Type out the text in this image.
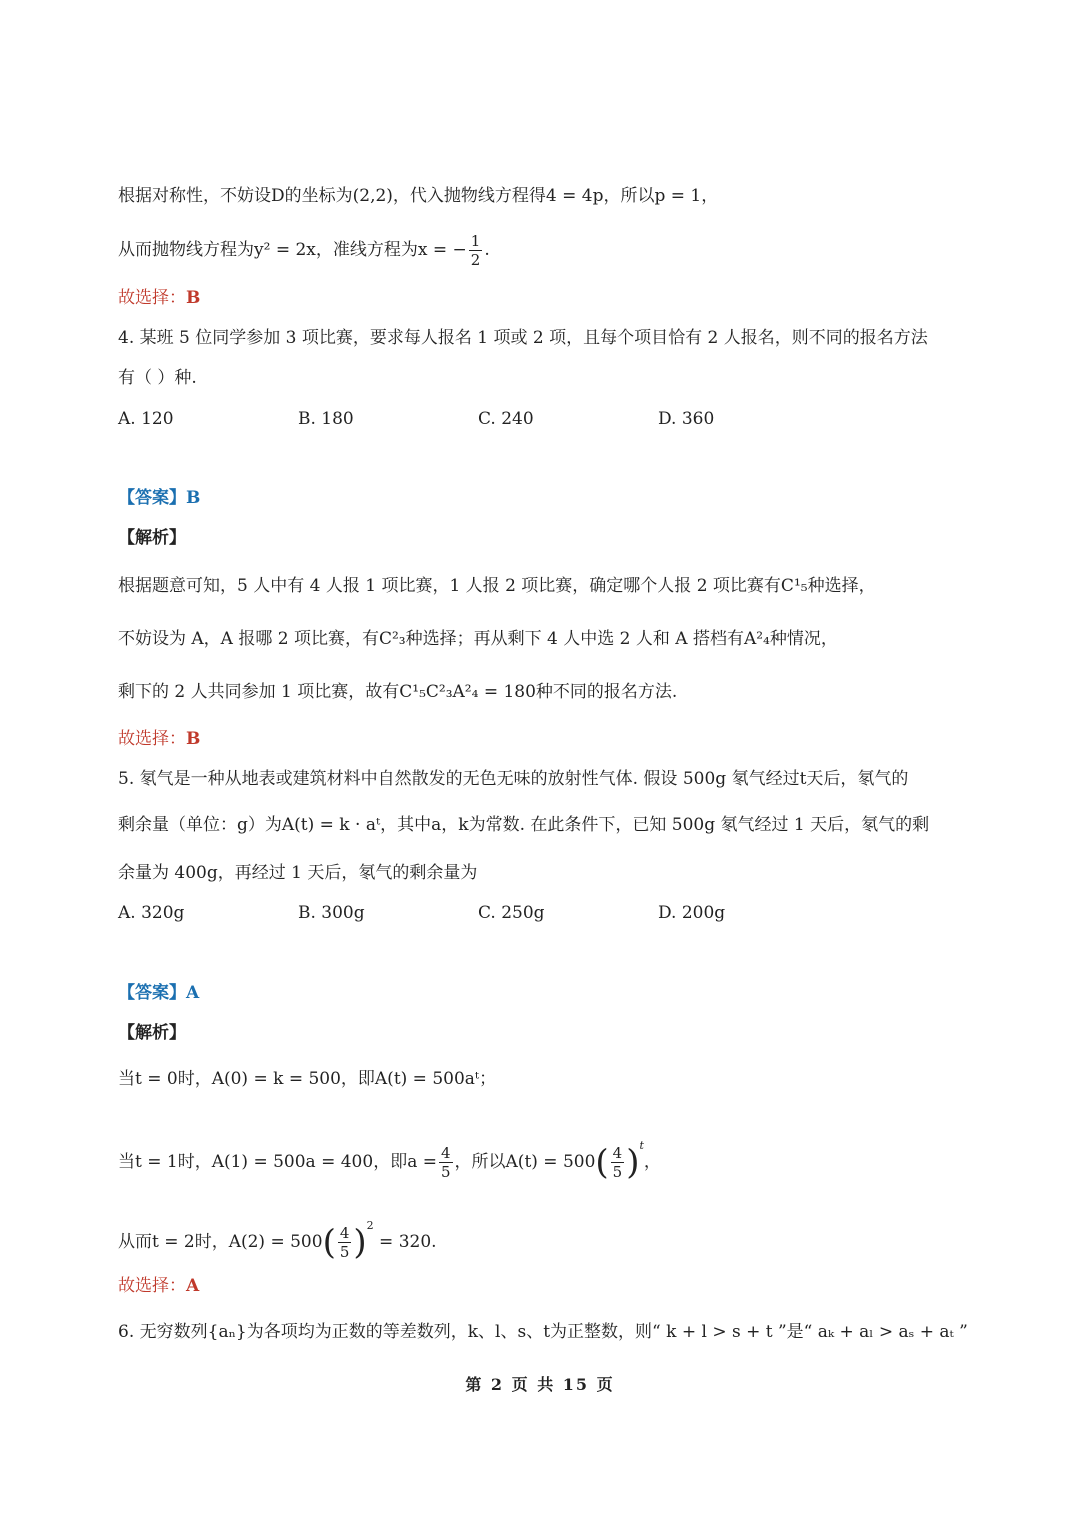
根据对称性，不妨设D的坐标为(2,2)，代入抛物线方程得4 = 4p，所以p = 1，
从而抛物线方程为y² = 2x，准线方程为x = − $\frac{1}{2}$ .
故选择：B
4. 某班 5 位同学参加 3 项比赛，要求每人报名 1 项或 2 项，且每个项目恰有 2 人报名，则不同的报名方法
有（ ）种.
A. 120	B. 180	C. 240	D. 360
【答案】B
【解析】
根据题意可知，5 人中有 4 人报 1 项比赛，1 人报 2 项比赛，确定哪个人报 2 项比赛有C¹₅种选择，
不妨设为 A，A 报哪 2 项比赛，有C²₃种选择；再从剩下 4 人中选 2 人和 A 搭档有A²₄种情况，
剩下的 2 人共同参加 1 项比赛，故有C¹₅C²₃A²₄ = 180种不同的报名方法.
故选择：B
5. 氡气是一种从地表或建筑材料中自然散发的无色无味的放射性气体. 假设 500g 氡气经过t天后，氡气的
剩余量（单位：g）为A(t) = k · aᵗ，其中a，k为常数. 在此条件下，已知 500g 氡气经过 1 天后，氡气的剩
余量为 400g，再经过 1 天后，氡气的剩余量为
A. 320g	B. 300g	C. 250g	D. 200g
【答案】A
【解析】
当t = 0时，A(0) = k = 500，即A(t) = 500aᵗ；
当t = 1时，A(1) = 500a = 400，即$a = \frac{4}{5}$ ，所以$A(t) = 500( \frac{4}{5} )^t$，
从而t = 2时，$A(2) = 500( \frac{4}{5} )^2 = 320$.
故选择：A
6. 无穷数列{aₙ}为各项均为正数的等差数列，k、l、s、t为正整数，则“ k + l > s + t ”是“ aₖ + aₗ > aₛ + aₜ ”
第 2 页 共 15 页
